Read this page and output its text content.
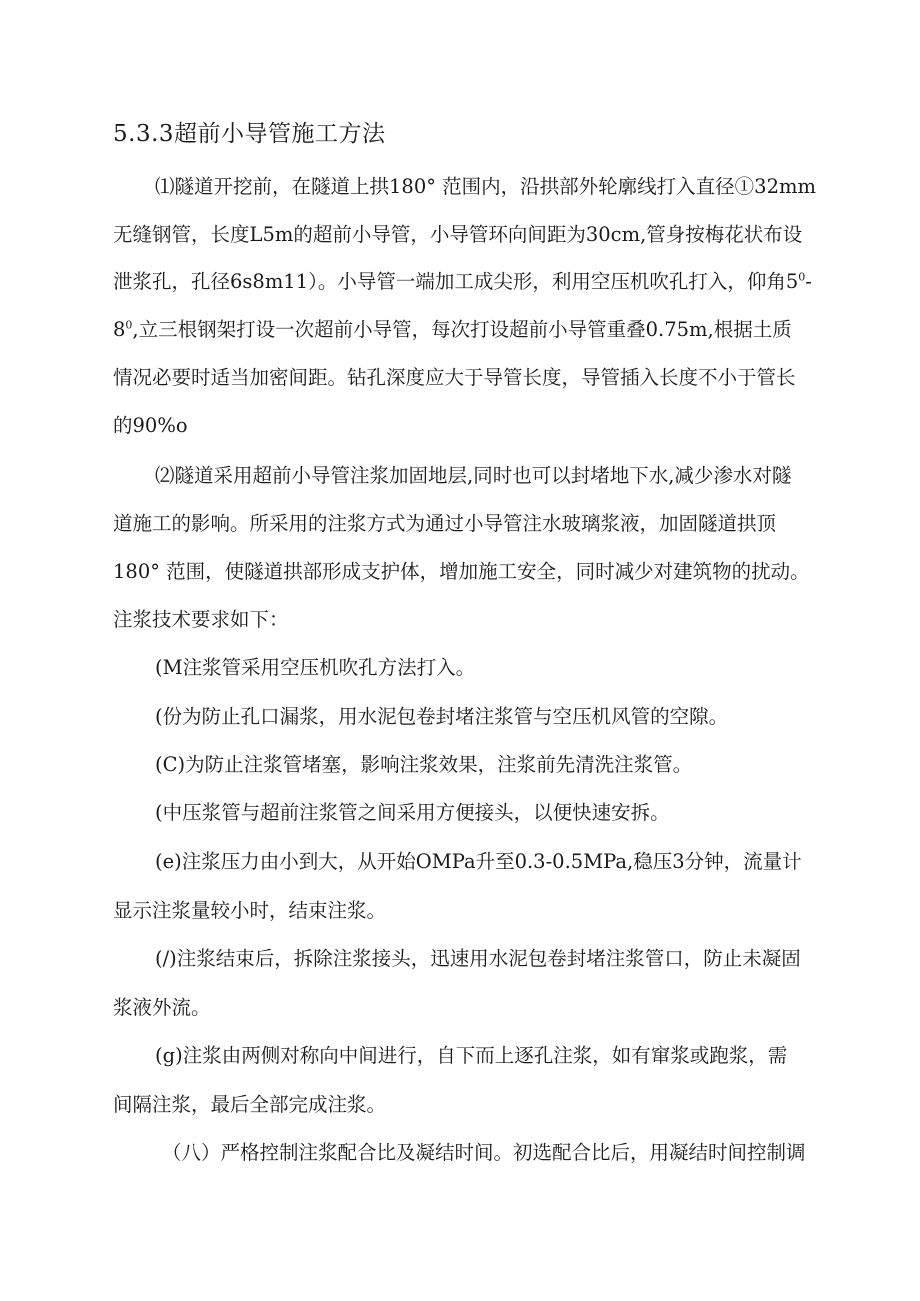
5.3.3超前小导管施工方法

⑴隧道开挖前，在隧道上拱180° 范围内，沿拱部外轮廓线打入直径①32mm

无缝钢管，长度L5m的超前小导管，小导管环向间距为30cm,管身按梅花状布设

泄浆孔，孔径6s8m11）。小导管一端加工成尖形，利用空压机吹孔打入，仰角$5^0-$

$8^0$,立三根钢架打设一次超前小导管，每次打设超前小导管重叠0.75m,根据土质

情况必要时适当加密间距。钻孔深度应大于导管长度，导管插入长度不小于管长

的90%o

⑵隧道采用超前小导管注浆加固地层,同时也可以封堵地下水,减少渗水对隧

道施工的影响。所采用的注浆方式为通过小导管注水玻璃浆液，加固隧道拱顶

180° 范围，使隧道拱部形成支护体，增加施工安全，同时减少对建筑物的扰动。

注浆技术要求如下：

(M注浆管采用空压机吹孔方法打入。

(份为防止孔口漏浆，用水泥包卷封堵注浆管与空压机风管的空隙。

(C)为防止注浆管堵塞，影响注浆效果，注浆前先清洗注浆管。

(中压浆管与超前注浆管之间采用方便接头，以便快速安拆。

(e)注浆压力由小到大，从开始OMPa升至0.3-0.5MPa,稳压3分钟，流量计

显示注浆量较小时，结束注浆。

(/)注浆结束后，拆除注浆接头，迅速用水泥包卷封堵注浆管口，防止未凝固

浆液外流。

(g)注浆由两侧对称向中间进行，自下而上逐孔注浆，如有窜浆或跑浆，需

间隔注浆，最后全部完成注浆。

（八）严格控制注浆配合比及凝结时间。初选配合比后，用凝结时间控制调
